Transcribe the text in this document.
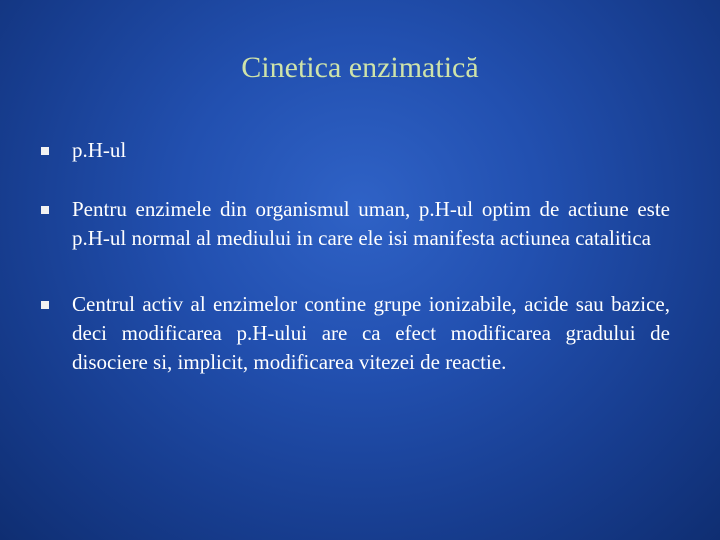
Cinetica enzimatică
p.H-ul
Pentru enzimele din organismul uman, p.H-ul optim de actiune este p.H-ul normal al mediului in care ele isi manifesta actiunea catalitica
Centrul activ al enzimelor contine grupe ionizabile, acide sau bazice, deci modificarea p.H-ului are ca efect modificarea gradului de disociere si, implicit, modificarea vitezei de reactie.
